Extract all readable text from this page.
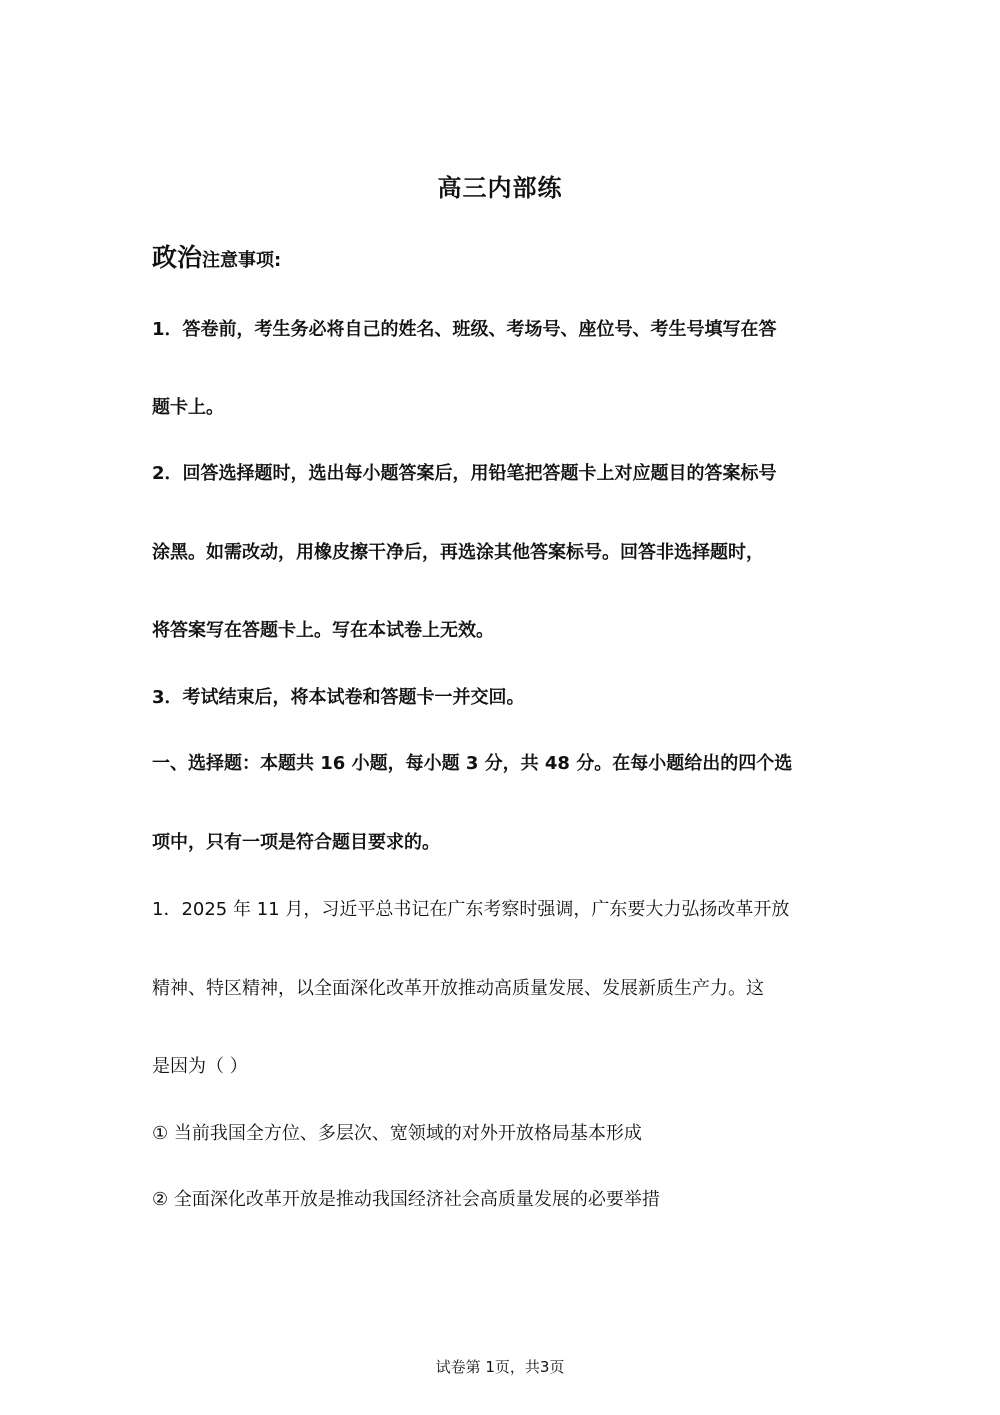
高三内部练
政治注意事项:
1．答卷前，考生务必将自己的姓名、班级、考场号、座位号、考生号填写在答
题卡上。
2．回答选择题时，选出每小题答案后，用铅笔把答题卡上对应题目的答案标号
涂黑。如需改动，用橡皮擦干净后，再选涂其他答案标号。回答非选择题时，
将答案写在答题卡上。写在本试卷上无效。
3．考试结束后，将本试卷和答题卡一并交回。
一、选择题：本题共 16 小题，每小题 3 分，共 48 分。在每小题给出的四个选
项中，只有一项是符合题目要求的。
1．2025 年 11 月，习近平总书记在广东考察时强调，广东要大力弘扬改革开放
精神、特区精神，以全面深化改革开放推动高质量发展、发展新质生产力。这
是因为（ ）
① 当前我国全方位、多层次、宽领域的对外开放格局基本形成
② 全面深化改革开放是推动我国经济社会高质量发展的必要举措
试卷第 1页，共3页
